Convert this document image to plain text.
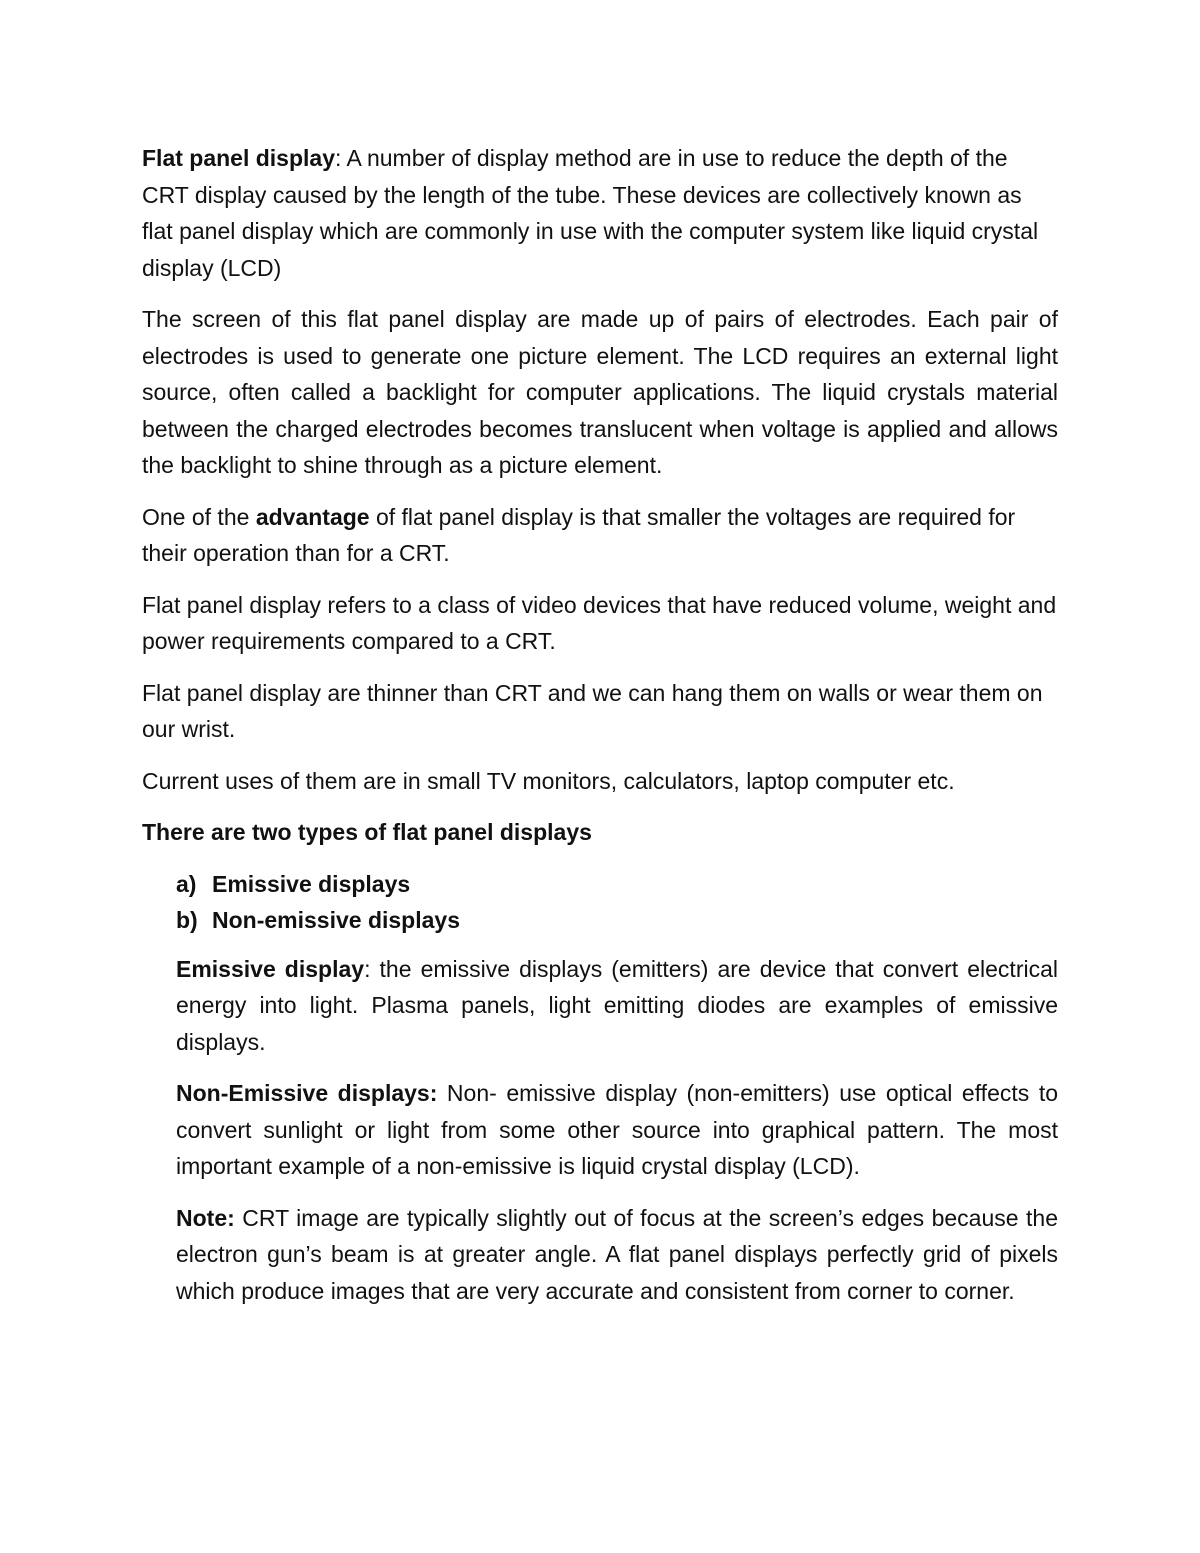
Flat panel display: A number of display method are in use to reduce the depth of the CRT display caused by the length of the tube. These devices are collectively known as flat panel display which are commonly in use with the computer system like liquid crystal display (LCD)

The screen of this flat panel display are made up of pairs of electrodes. Each pair of electrodes is used to generate one picture element. The LCD requires an external light source, often called a backlight for computer applications. The liquid crystals material between the charged electrodes becomes translucent when voltage is applied and allows the backlight to shine through as a picture element.

One of the advantage of flat panel display is that smaller the voltages are required for their operation than for a CRT.

Flat panel display refers to a class of video devices that have reduced volume, weight and power requirements compared to a CRT.

Flat panel display are thinner than CRT and we can hang them on walls or wear them on our wrist.

Current uses of them are in small TV monitors, calculators, laptop computer etc.

There are two types of flat panel displays

a) Emissive displays
b) Non-emissive displays

Emissive display: the emissive displays (emitters) are device that convert electrical energy into light. Plasma panels, light emitting diodes are examples of emissive displays.

Non-Emissive displays: Non- emissive display (non-emitters) use optical effects to convert sunlight or light from some other source into graphical pattern. The most important example of a non-emissive is liquid crystal display (LCD).

Note: CRT image are typically slightly out of focus at the screen’s edges because the electron gun’s beam is at greater angle. A flat panel displays perfectly grid of pixels which produce images that are very accurate and consistent from corner to corner.
